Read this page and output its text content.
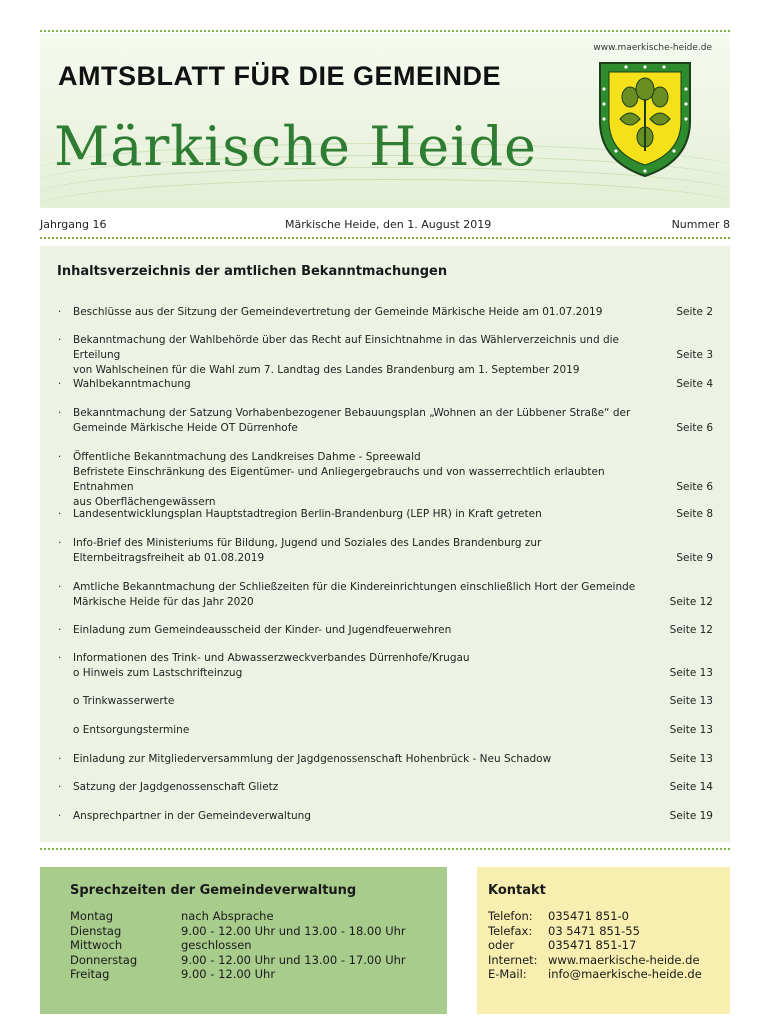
www.maerkische-heide.de
AMTSBLATT FÜR DIE GEMEINDE
Märkische Heide
Jahrgang 16	Märkische Heide, den 1. August 2019	Nummer 8
Inhaltsverzeichnis der amtlichen Bekanntmachungen
· Beschlüsse aus der Sitzung der Gemeindevertretung der Gemeinde Märkische Heide am 01.07.2019	Seite 2
· Bekanntmachung der Wahlbehörde über das Recht auf Einsichtnahme in das Wählerverzeichnis und die Erteilung
von Wahlscheinen für die Wahl zum 7. Landtag des Landes Brandenburg am 1. September 2019
Seite 3
· Wahlbekanntmachung	Seite 4
· Bekanntmachung der Satzung Vorhabenbezogener Bebauungsplan „Wohnen an der Lübbener Straße“ der
Gemeinde Märkische Heide OT Dürrenhofe	Seite 6
· Öffentliche Bekanntmachung des Landkreises Dahme - Spreewald
Befristete Einschränkung des Eigentümer- und Anliegergebrauchs und von wasserrechtlich erlaubten Entnahmen
aus Oberflächengewässern
Seite 6
· Landesentwicklungsplan Hauptstadtregion Berlin-Brandenburg (LEP HR) in Kraft getreten	Seite 8
· Info-Brief des Ministeriums für Bildung, Jugend und Soziales des Landes Brandenburg zur
Elternbeitragsfreiheit ab 01.08.2019	Seite 9
· Amtliche Bekanntmachung der Schließzeiten für die Kindereinrichtungen einschließlich Hort der Gemeinde
Märkische Heide für das Jahr 2020	Seite 12
· Einladung zum Gemeindeausscheid der Kinder- und Jugendfeuerwehren	Seite 12
· Informationen des Trink- und Abwasserzweckverbandes Dürrenhofe/Krugau
o Hinweis zum Lastschrifteinzug	Seite 13
o Trinkwasserwerte	Seite 13
o Entsorgungstermine	Seite 13
· Einladung zur Mitgliederversammlung der Jagdgenossenschaft Hohenbrück - Neu Schadow	Seite 13
· Satzung der Jagdgenossenschaft Glietz	Seite 14
· Ansprechpartner in der Gemeindeverwaltung	Seite 19
Sprechzeiten der Gemeindeverwaltung
Montag	nach Absprache
Dienstag	9.00 - 12.00 Uhr und 13.00 - 18.00 Uhr
Mittwoch	geschlossen
Donnerstag	9.00 - 12.00 Uhr und 13.00 - 17.00 Uhr
Freitag	9.00 - 12.00 Uhr
Kontakt
Telefon:	035471 851-0
Telefax:	03 5471 851-55
oder	035471 851-17
Internet: www.maerkische-heide.de
E-Mail:	info@maerkische-heide.de
